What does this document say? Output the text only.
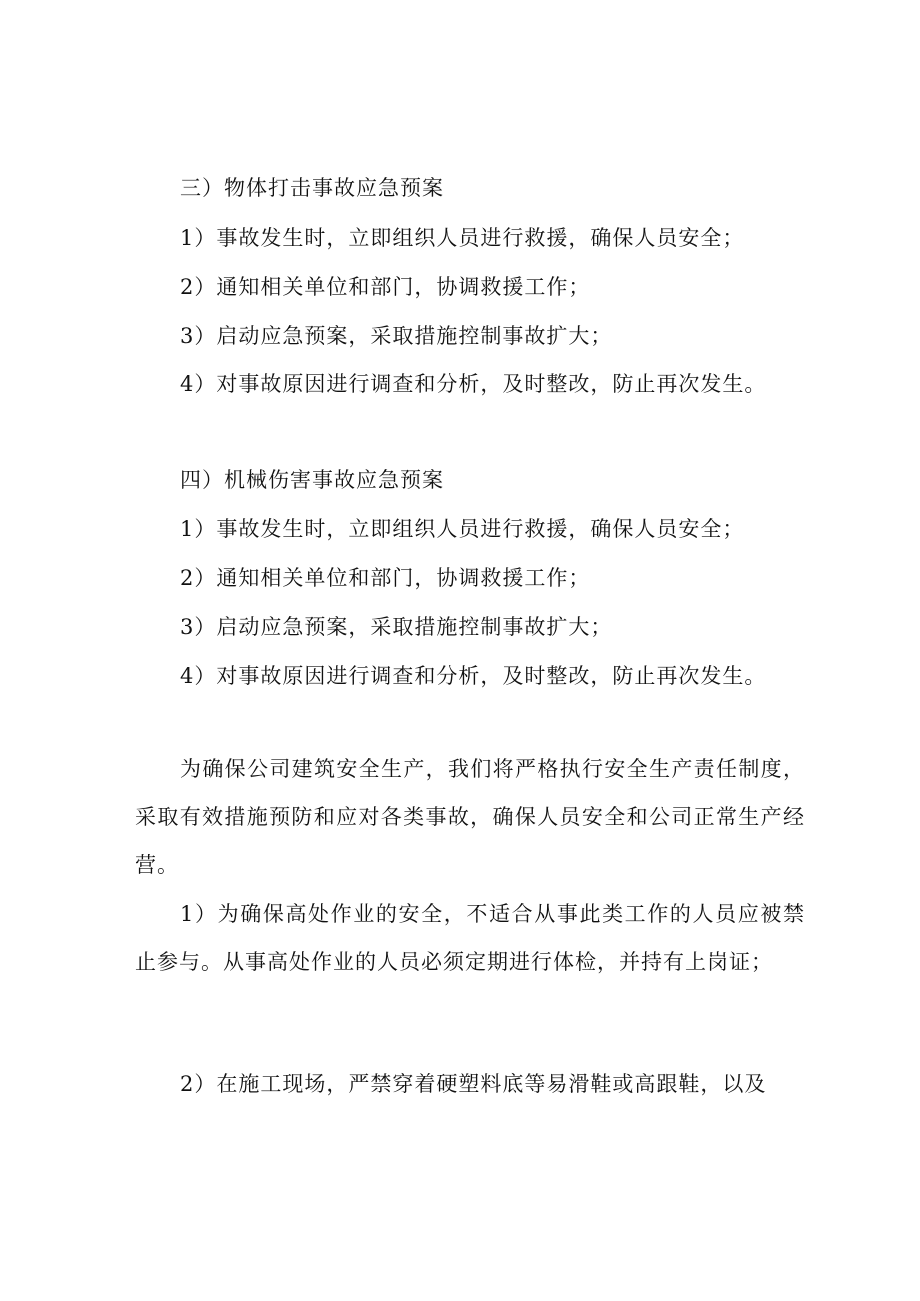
三）物体打击事故应急预案
1）事故发生时，立即组织人员进行救援，确保人员安全；
2）通知相关单位和部门，协调救援工作；
3）启动应急预案，采取措施控制事故扩大；
4）对事故原因进行调查和分析，及时整改，防止再次发生。
四）机械伤害事故应急预案
1）事故发生时，立即组织人员进行救援，确保人员安全；
2）通知相关单位和部门，协调救援工作；
3）启动应急预案，采取措施控制事故扩大；
4）对事故原因进行调查和分析，及时整改，防止再次发生。
为确保公司建筑安全生产，我们将严格执行安全生产责任制度，采取有效措施预防和应对各类事故，确保人员安全和公司正常生产经营。
1）为确保高处作业的安全，不适合从事此类工作的人员应被禁止参与。从事高处作业的人员必须定期进行体检，并持有上岗证；
2）在施工现场，严禁穿着硬塑料底等易滑鞋或高跟鞋，以及
